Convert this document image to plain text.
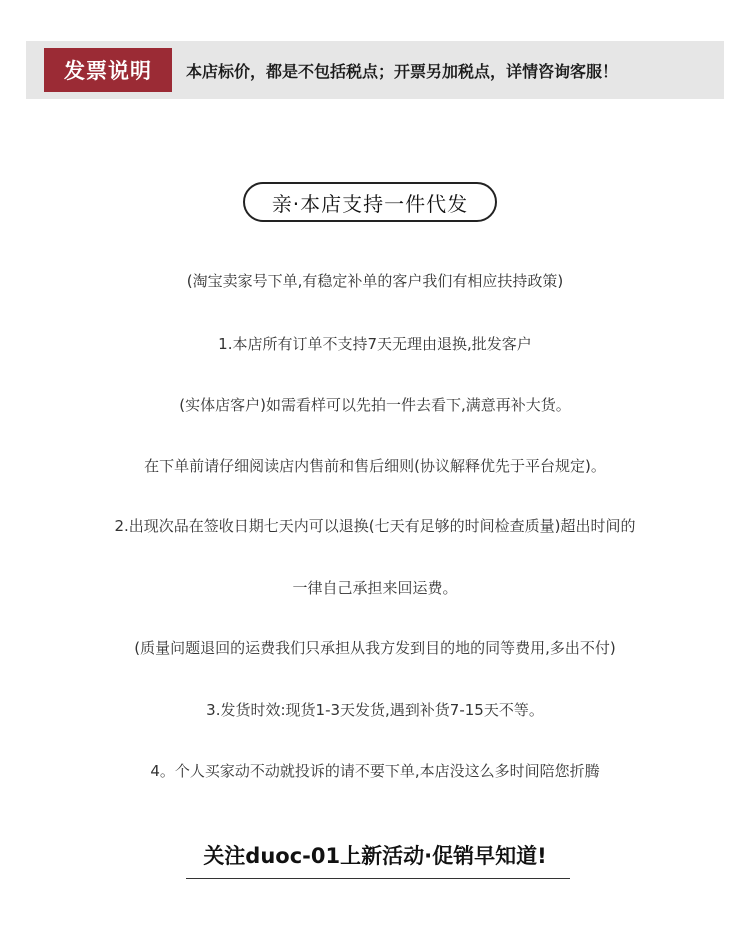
发票说明	本店标价，都是不包括税点；开票另加税点，详情咨询客服！
亲·本店支持一件代发
(淘宝卖家号下单,有稳定补单的客户我们有相应扶持政策)
1.本店所有订单不支持7天无理由退换,批发客户
(实体店客户)如需看样可以先拍一件去看下,满意再补大货。
在下单前请仔细阅读店内售前和售后细则(协议解释优先于平台规定)。
2.出现次品在签收日期七天内可以退换(七天有足够的时间检查质量)超出时间的
一律自己承担来回运费。
(质量问题退回的运费我们只承担从我方发到目的地的同等费用,多出不付)
3.发货时效:现货1-3天发货,遇到补货7-15天不等。
4。个人买家动不动就投诉的请不要下单,本店没这么多时间陪您折腾
关注duoc-01上新活动·促销早知道!
